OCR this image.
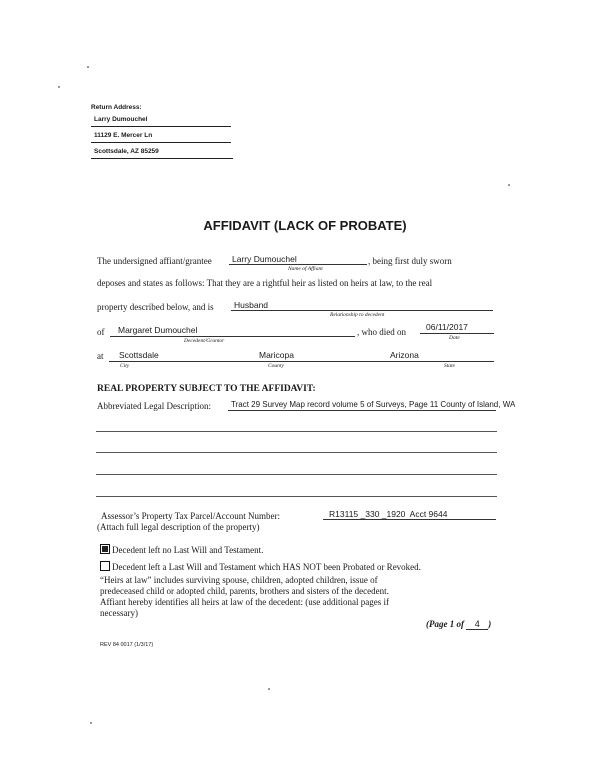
Return Address:
Larry Dumouchel
11129 E. Mercer Ln
Scottsdale, AZ 85259
AFFIDAVIT (LACK OF PROBATE)
The undersigned affiant/grantee Larry Dumouchel	, being first duly sworn
Name of Affiant
deposes and states as follows: That they are a rightful heir as listed on heirs at law, to the real
property described below, and is Husband
Relationship to decedent
of Margaret Dumouchel	, who died on 06/11/2017
Decedent/Grantor	Date
at Scottsdale	Maricopa	Arizona
City	County	State
REAL PROPERTY SUBJECT TO THE AFFIDAVIT:
Abbreviated Legal Description:	Tract 29 Survey Map record volume 5 of Surveys, Page 11 County of Island, WA
Assessor’s Property Tax Parcel/Account Number:	R13115 _330 _1920  Acct 9644
(Attach full legal description of the property)
Decedent left no Last Will and Testament.
Decedent left a Last Will and Testament which HAS NOT been Probated or Revoked.
“Heirs at law” includes surviving spouse, children, adopted children, issue of
predeceased child or adopted child, parents, brothers and sisters of the decedent.
Affiant hereby identifies all heirs at law of the decedent: (use additional pages if
necessary)
(Page 1 of 4 )
REV 84 0017 (1/3/17)
